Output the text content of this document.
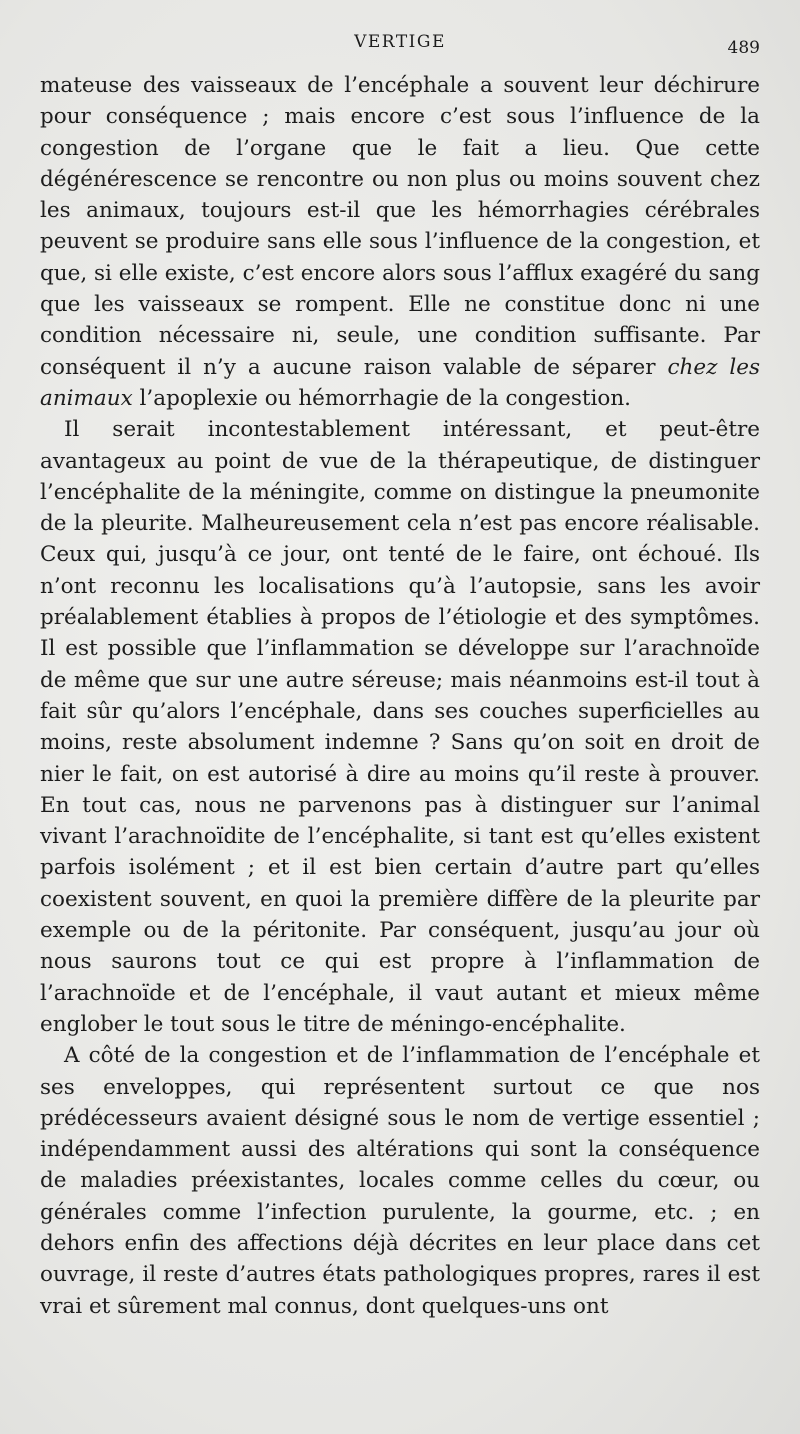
VERTIGE	489

mateuse des vaisseaux de l’encéphale a souvent leur déchirure pour conséquence ; mais encore c’est sous l’influence de la congestion de l’organe que le fait a lieu. Que cette dégénérescence se rencontre ou non plus ou moins souvent chez les animaux, toujours est-il que les hémorrhagies cérébrales peuvent se produire sans elle sous l’influence de la congestion, et que, si elle existe, c’est encore alors sous l’afflux exagéré du sang que les vaisseaux se rompent. Elle ne constitue donc ni une condition nécessaire ni, seule, une condition suffisante. Par conséquent il n’y a aucune raison valable de séparer chez les animaux l’apoplexie ou hémorrhagie de la congestion.

Il serait incontestablement intéressant, et peut-être avantageux au point de vue de la thérapeutique, de distinguer l’encéphalite de la méningite, comme on distingue la pneumonite de la pleurite. Malheureusement cela n’est pas encore réalisable. Ceux qui, jusqu’à ce jour, ont tenté de le faire, ont échoué. Ils n’ont reconnu les localisations qu’à l’autopsie, sans les avoir préalablement établies à propos de l’étiologie et des symptômes. Il est possible que l’inflammation se développe sur l’arachnoïde de même que sur une autre séreuse; mais néanmoins est-il tout à fait sûr qu’alors l’encéphale, dans ses couches superficielles au moins, reste absolument indemne ? Sans qu’on soit en droit de nier le fait, on est autorisé à dire au moins qu’il reste à prouver. En tout cas, nous ne parvenons pas à distinguer sur l’animal vivant l’arachnoïdite de l’encéphalite, si tant est qu’elles existent parfois isolément ; et il est bien certain d’autre part qu’elles coexistent souvent, en quoi la première diffère de la pleurite par exemple ou de la péritonite. Par conséquent, jusqu’au jour où nous saurons tout ce qui est propre à l’inflammation de l’arachnoïde et de l’encéphale, il vaut autant et mieux même englober le tout sous le titre de méningo-encéphalite.

A côté de la congestion et de l’inflammation de l’encéphale et ses enveloppes, qui représentent surtout ce que nos prédécesseurs avaient désigné sous le nom de vertige essentiel ; indépendamment aussi des altérations qui sont la conséquence de maladies préexistantes, locales comme celles du cœur, ou générales comme l’infection purulente, la gourme, etc. ; en dehors enfin des affections déjà décrites en leur place dans cet ouvrage, il reste d’autres états pathologiques propres, rares il est vrai et sûrement mal connus, dont quelques-uns ont
